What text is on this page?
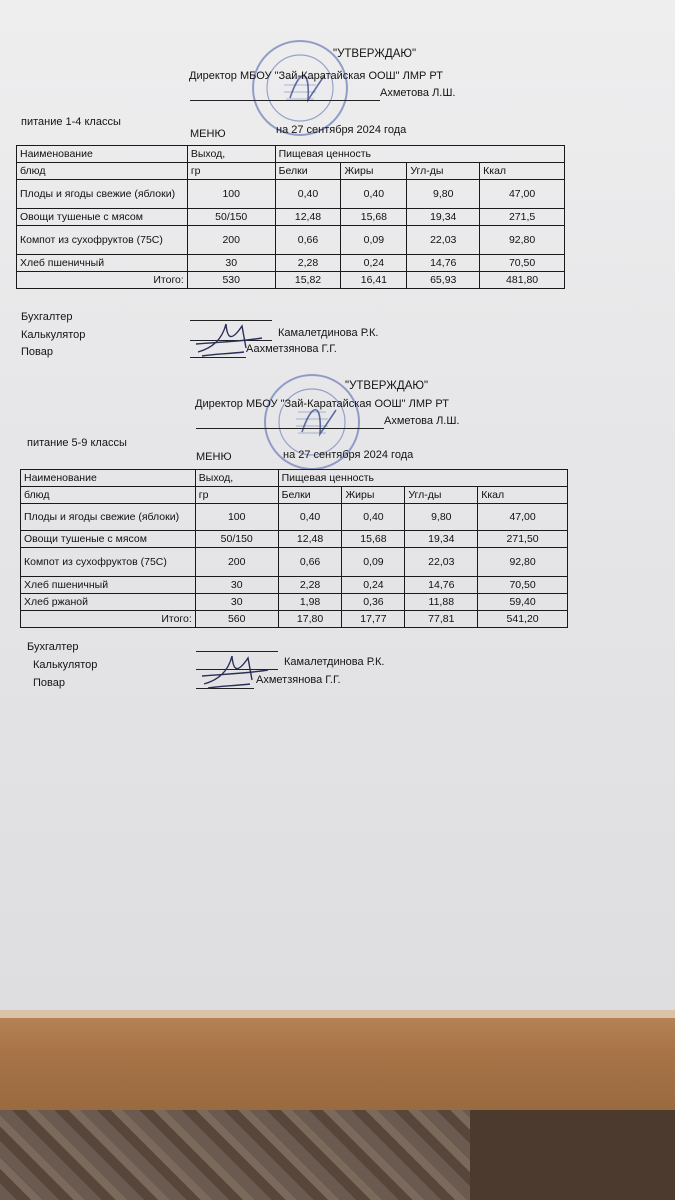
"УТВЕРЖДАЮ"
Директор МБОУ "Зай-Каратайская ООШ" ЛМР РТ
Ахметова Л.Ш.
питание 1-4 классы
МЕНЮ	на 27 сентября 2024 года
Наименование	Выход,	Пищевая ценность			
блюд	гр	Белки	Жиры	Угл-ды	Ккал
Плоды и ягоды свежие (яблоки)	100	0,40	0,40	9,80	47,00
Овощи тушеные с мясом	50/150	12,48	15,68	19,34	271,5
Компот из сухофруктов (75С)	200	0,66	0,09	22,03	92,80
Хлеб пшеничный	30	2,28	0,24	14,76	70,50
Итого:	530	15,82	16,41	65,93	481,80
Бухгалтер
Калькулятор	Камалетдинова Р.К.
Повар	Аахметзянова Г.Г.
"УТВЕРЖДАЮ"
Директор МБОУ "Зай-Каратайская ООШ" ЛМР РТ
Ахметова Л.Ш.
питание 5-9 классы
МЕНЮ	на 27 сентября 2024 года
Наименование	Выход,	Пищевая ценность			
блюд	гр	Белки	Жиры	Угл-ды	Ккал
Плоды и ягоды свежие (яблоки)	100	0,40	0,40	9,80	47,00
Овощи тушеные с мясом	50/150	12,48	15,68	19,34	271,50
Компот из сухофруктов (75С)	200	0,66	0,09	22,03	92,80
Хлеб пшеничный	30	2,28	0,24	14,76	70,50
Хлеб ржаной	30	1,98	0,36	11,88	59,40
Итого:	560	17,80	17,77	77,81	541,20
Бухгалтер
Калькулятор	Камалетдинова Р.К.
Повар	Ахметзянова Г.Г.
